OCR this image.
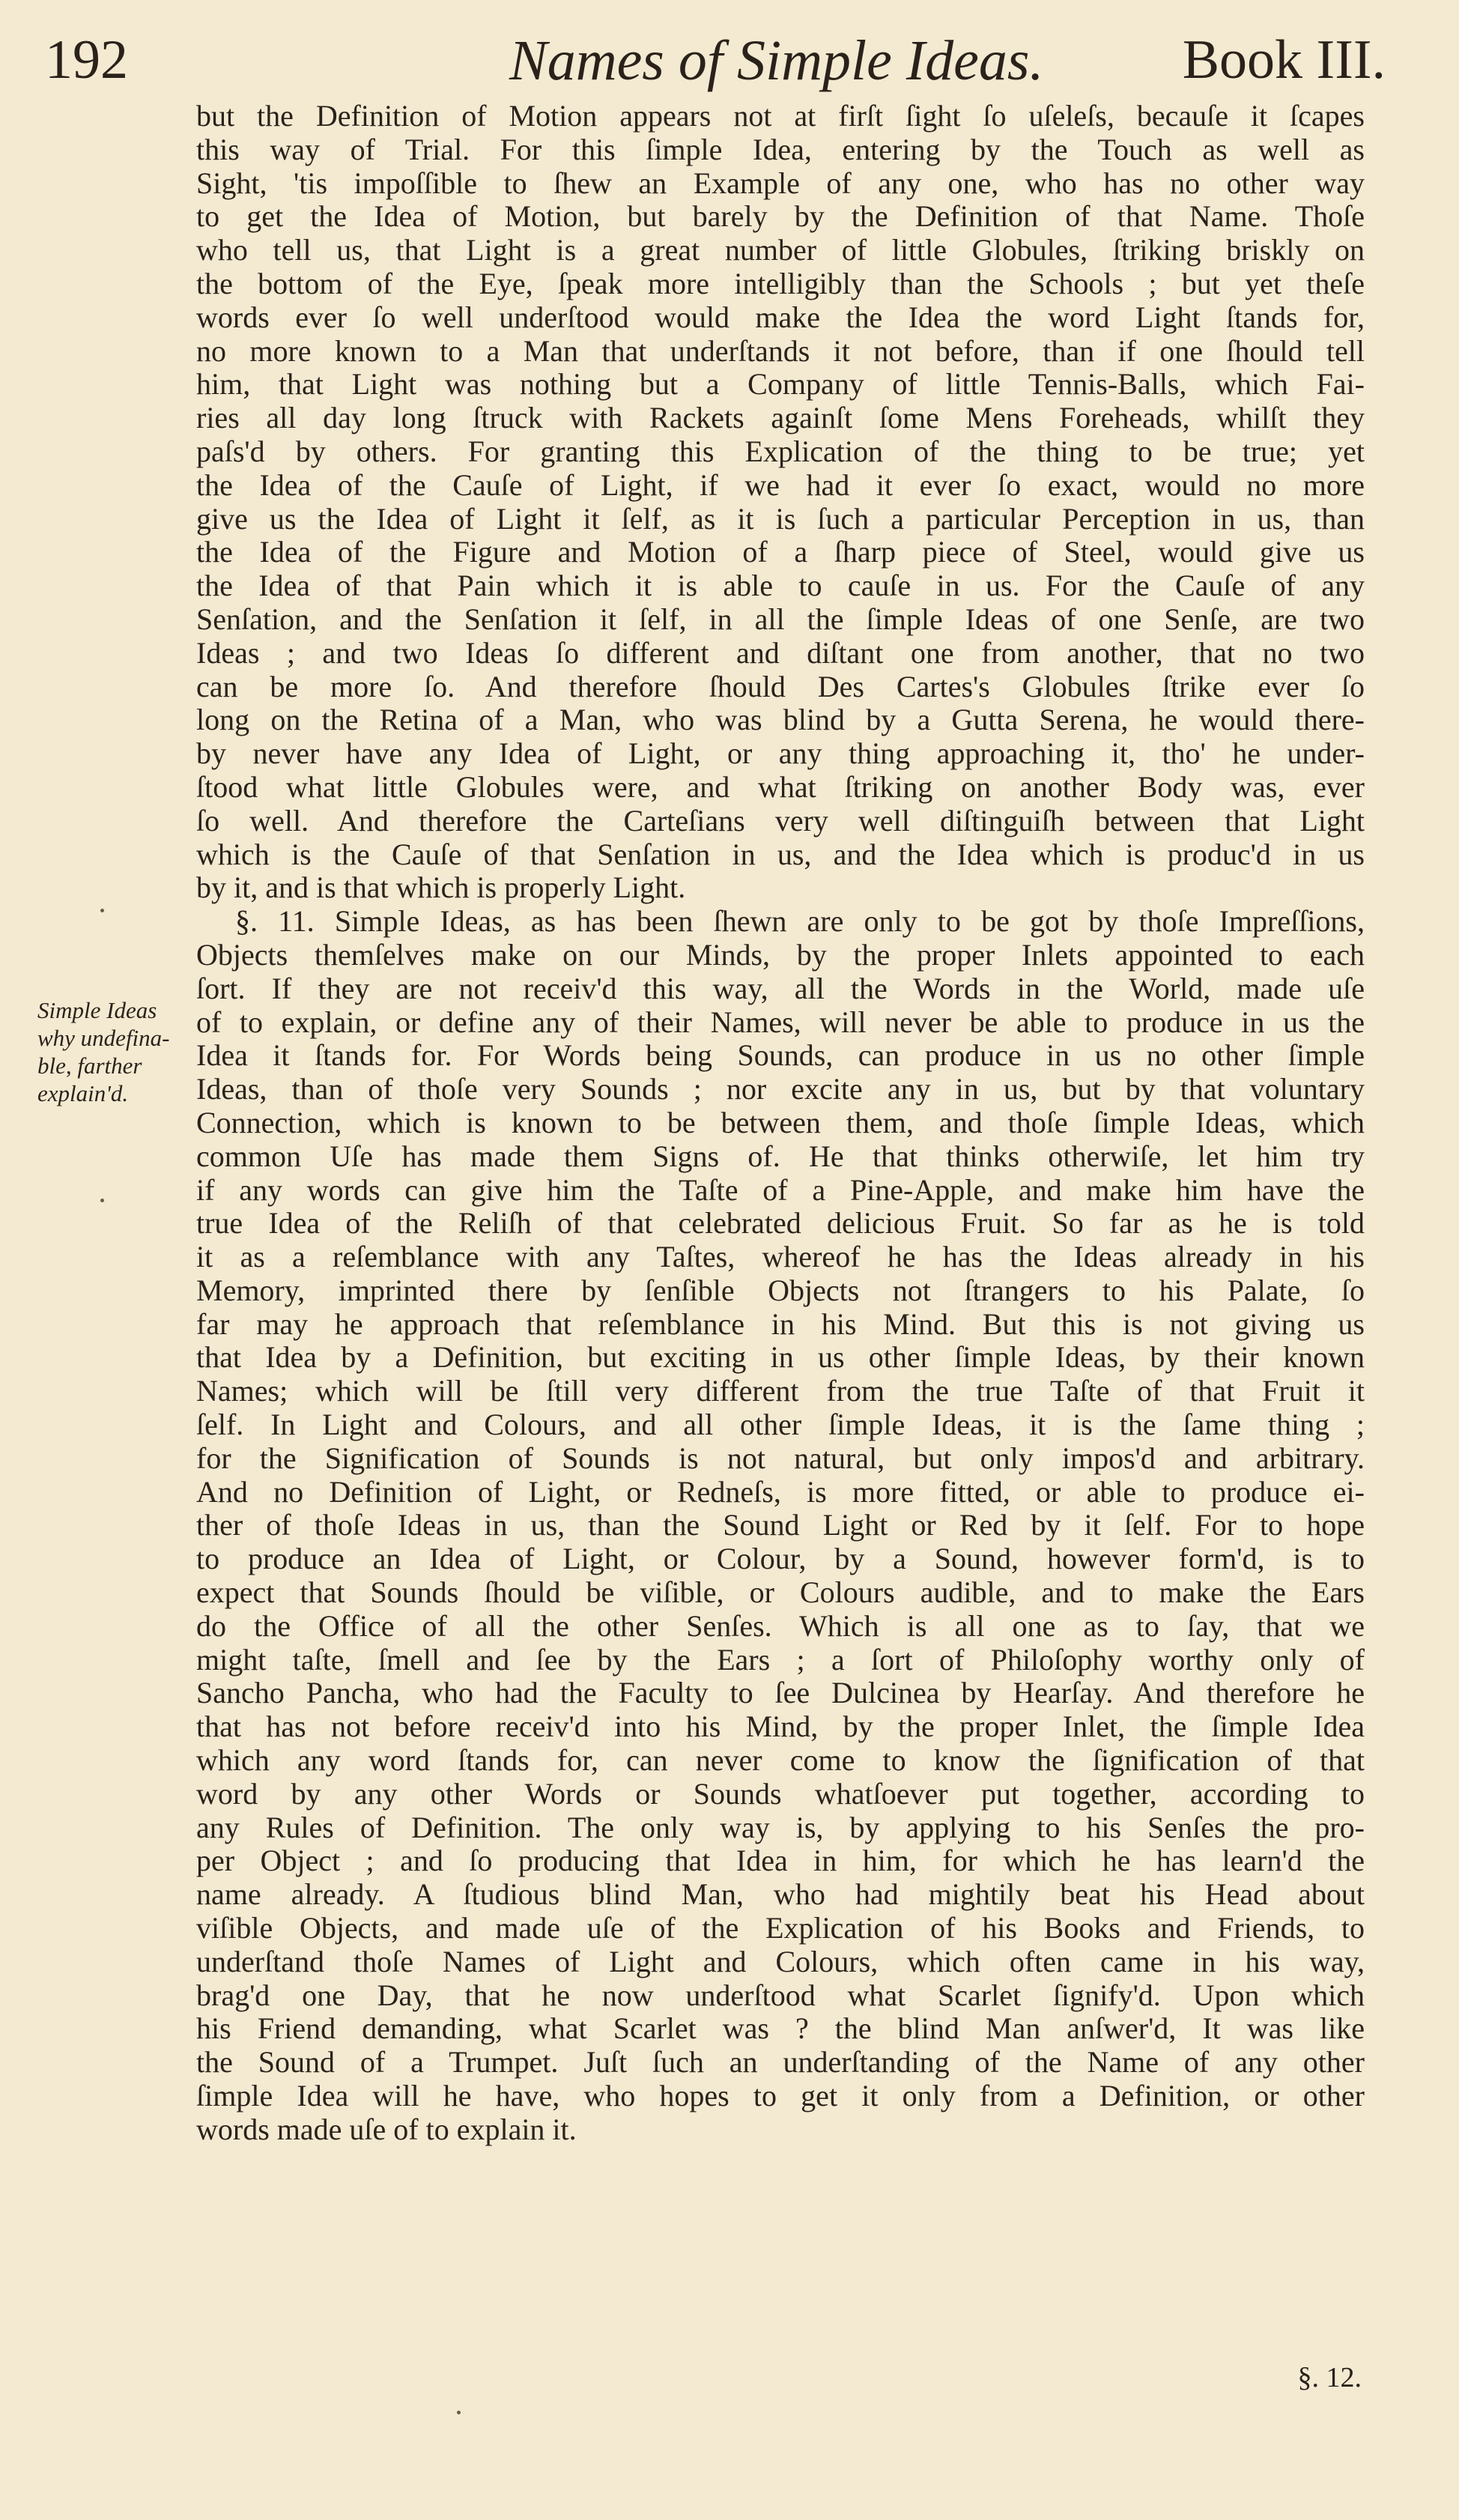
192	Names of Simple Ideas.	Book III.
Simple Ideas
why undefina-
ble, farther
explain'd.
but the Definition of Motion appears not at firſt ſight ſo uſeleſs, becauſe it ſcapes
this way of Trial. For this ſimple Idea, entering by the Touch as well as
Sight, 'tis impoſſible to ſhew an Example of any one, who has no other way
to get the Idea of Motion, but barely by the Definition of that Name. Thoſe
who tell us, that Light is a great number of little Globules, ſtriking briskly on
the bottom of the Eye, ſpeak more intelligibly than the Schools ; but yet theſe
words ever ſo well underſtood would make the Idea the word Light ſtands for,
no more known to a Man that underſtands it not before, than if one ſhould tell
him, that Light was nothing but a Company of little Tennis-Balls, which Fai-
ries all day long ſtruck with Rackets againſt ſome Mens Foreheads, whilſt they
paſs'd by others. For granting this Explication of the thing to be true; yet
the Idea of the Cauſe of Light, if we had it ever ſo exact, would no more
give us the Idea of Light it ſelf, as it is ſuch a particular Perception in us, than
the Idea of the Figure and Motion of a ſharp piece of Steel, would give us
the Idea of that Pain which it is able to cauſe in us. For the Cauſe of any
Senſation, and the Senſation it ſelf, in all the ſimple Ideas of one Senſe, are two
Ideas ; and two Ideas ſo different and diſtant one from another, that no two
can be more ſo. And therefore ſhould Des Cartes's Globules ſtrike ever ſo
long on the Retina of a Man, who was blind by a Gutta Serena, he would there-
by never have any Idea of Light, or any thing approaching it, tho' he under-
ſtood what little Globules were, and what ſtriking on another Body was, ever
ſo well. And therefore the Carteſians very well diſtinguiſh between that Light
which is the Cauſe of that Senſation in us, and the Idea which is produc'd in us
by it, and is that which is properly Light.
§. 11. Simple Ideas, as has been ſhewn are only to be got by thoſe Impreſſions,
Objects themſelves make on our Minds, by the proper Inlets appointed to each
ſort. If they are not receiv'd this way, all the Words in the World, made uſe
of to explain, or define any of their Names, will never be able to produce in us the
Idea it ſtands for. For Words being Sounds, can produce in us no other ſimple
Ideas, than of thoſe very Sounds ; nor excite any in us, but by that voluntary
Connection, which is known to be between them, and thoſe ſimple Ideas, which
common Uſe has made them Signs of. He that thinks otherwiſe, let him try
if any words can give him the Taſte of a Pine-Apple, and make him have the
true Idea of the Reliſh of that celebrated delicious Fruit. So far as he is told
it as a reſemblance with any Taſtes, whereof he has the Ideas already in his
Memory, imprinted there by ſenſible Objects not ſtrangers to his Palate, ſo
far may he approach that reſemblance in his Mind. But this is not giving us
that Idea by a Definition, but exciting in us other ſimple Ideas, by their known
Names; which will be ſtill very different from the true Taſte of that Fruit it
ſelf. In Light and Colours, and all other ſimple Ideas, it is the ſame thing ;
for the Signification of Sounds is not natural, but only impos'd and arbitrary.
And no Definition of Light, or Redneſs, is more fitted, or able to produce ei-
ther of thoſe Ideas in us, than the Sound Light or Red by it ſelf. For to hope
to produce an Idea of Light, or Colour, by a Sound, however form'd, is to
expect that Sounds ſhould be viſible, or Colours audible, and to make the Ears
do the Office of all the other Senſes. Which is all one as to ſay, that we
might taſte, ſmell and ſee by the Ears ; a ſort of Philoſophy worthy only of
Sancho Pancha, who had the Faculty to ſee Dulcinea by Hearſay. And therefore he
that has not before receiv'd into his Mind, by the proper Inlet, the ſimple Idea
which any word ſtands for, can never come to know the ſignification of that
word by any other Words or Sounds whatſoever put together, according to
any Rules of Definition. The only way is, by applying to his Senſes the pro-
per Object ; and ſo producing that Idea in him, for which he has learn'd the
name already. A ſtudious blind Man, who had mightily beat his Head about
viſible Objects, and made uſe of the Explication of his Books and Friends, to
underſtand thoſe Names of Light and Colours, which often came in his way,
brag'd one Day, that he now underſtood what Scarlet ſignify'd. Upon which
his Friend demanding, what Scarlet was ? the blind Man anſwer'd, It was like
the Sound of a Trumpet. Juſt ſuch an underſtanding of the Name of any other
ſimple Idea will he have, who hopes to get it only from a Definition, or other
words made uſe of to explain it.
§. 12.
